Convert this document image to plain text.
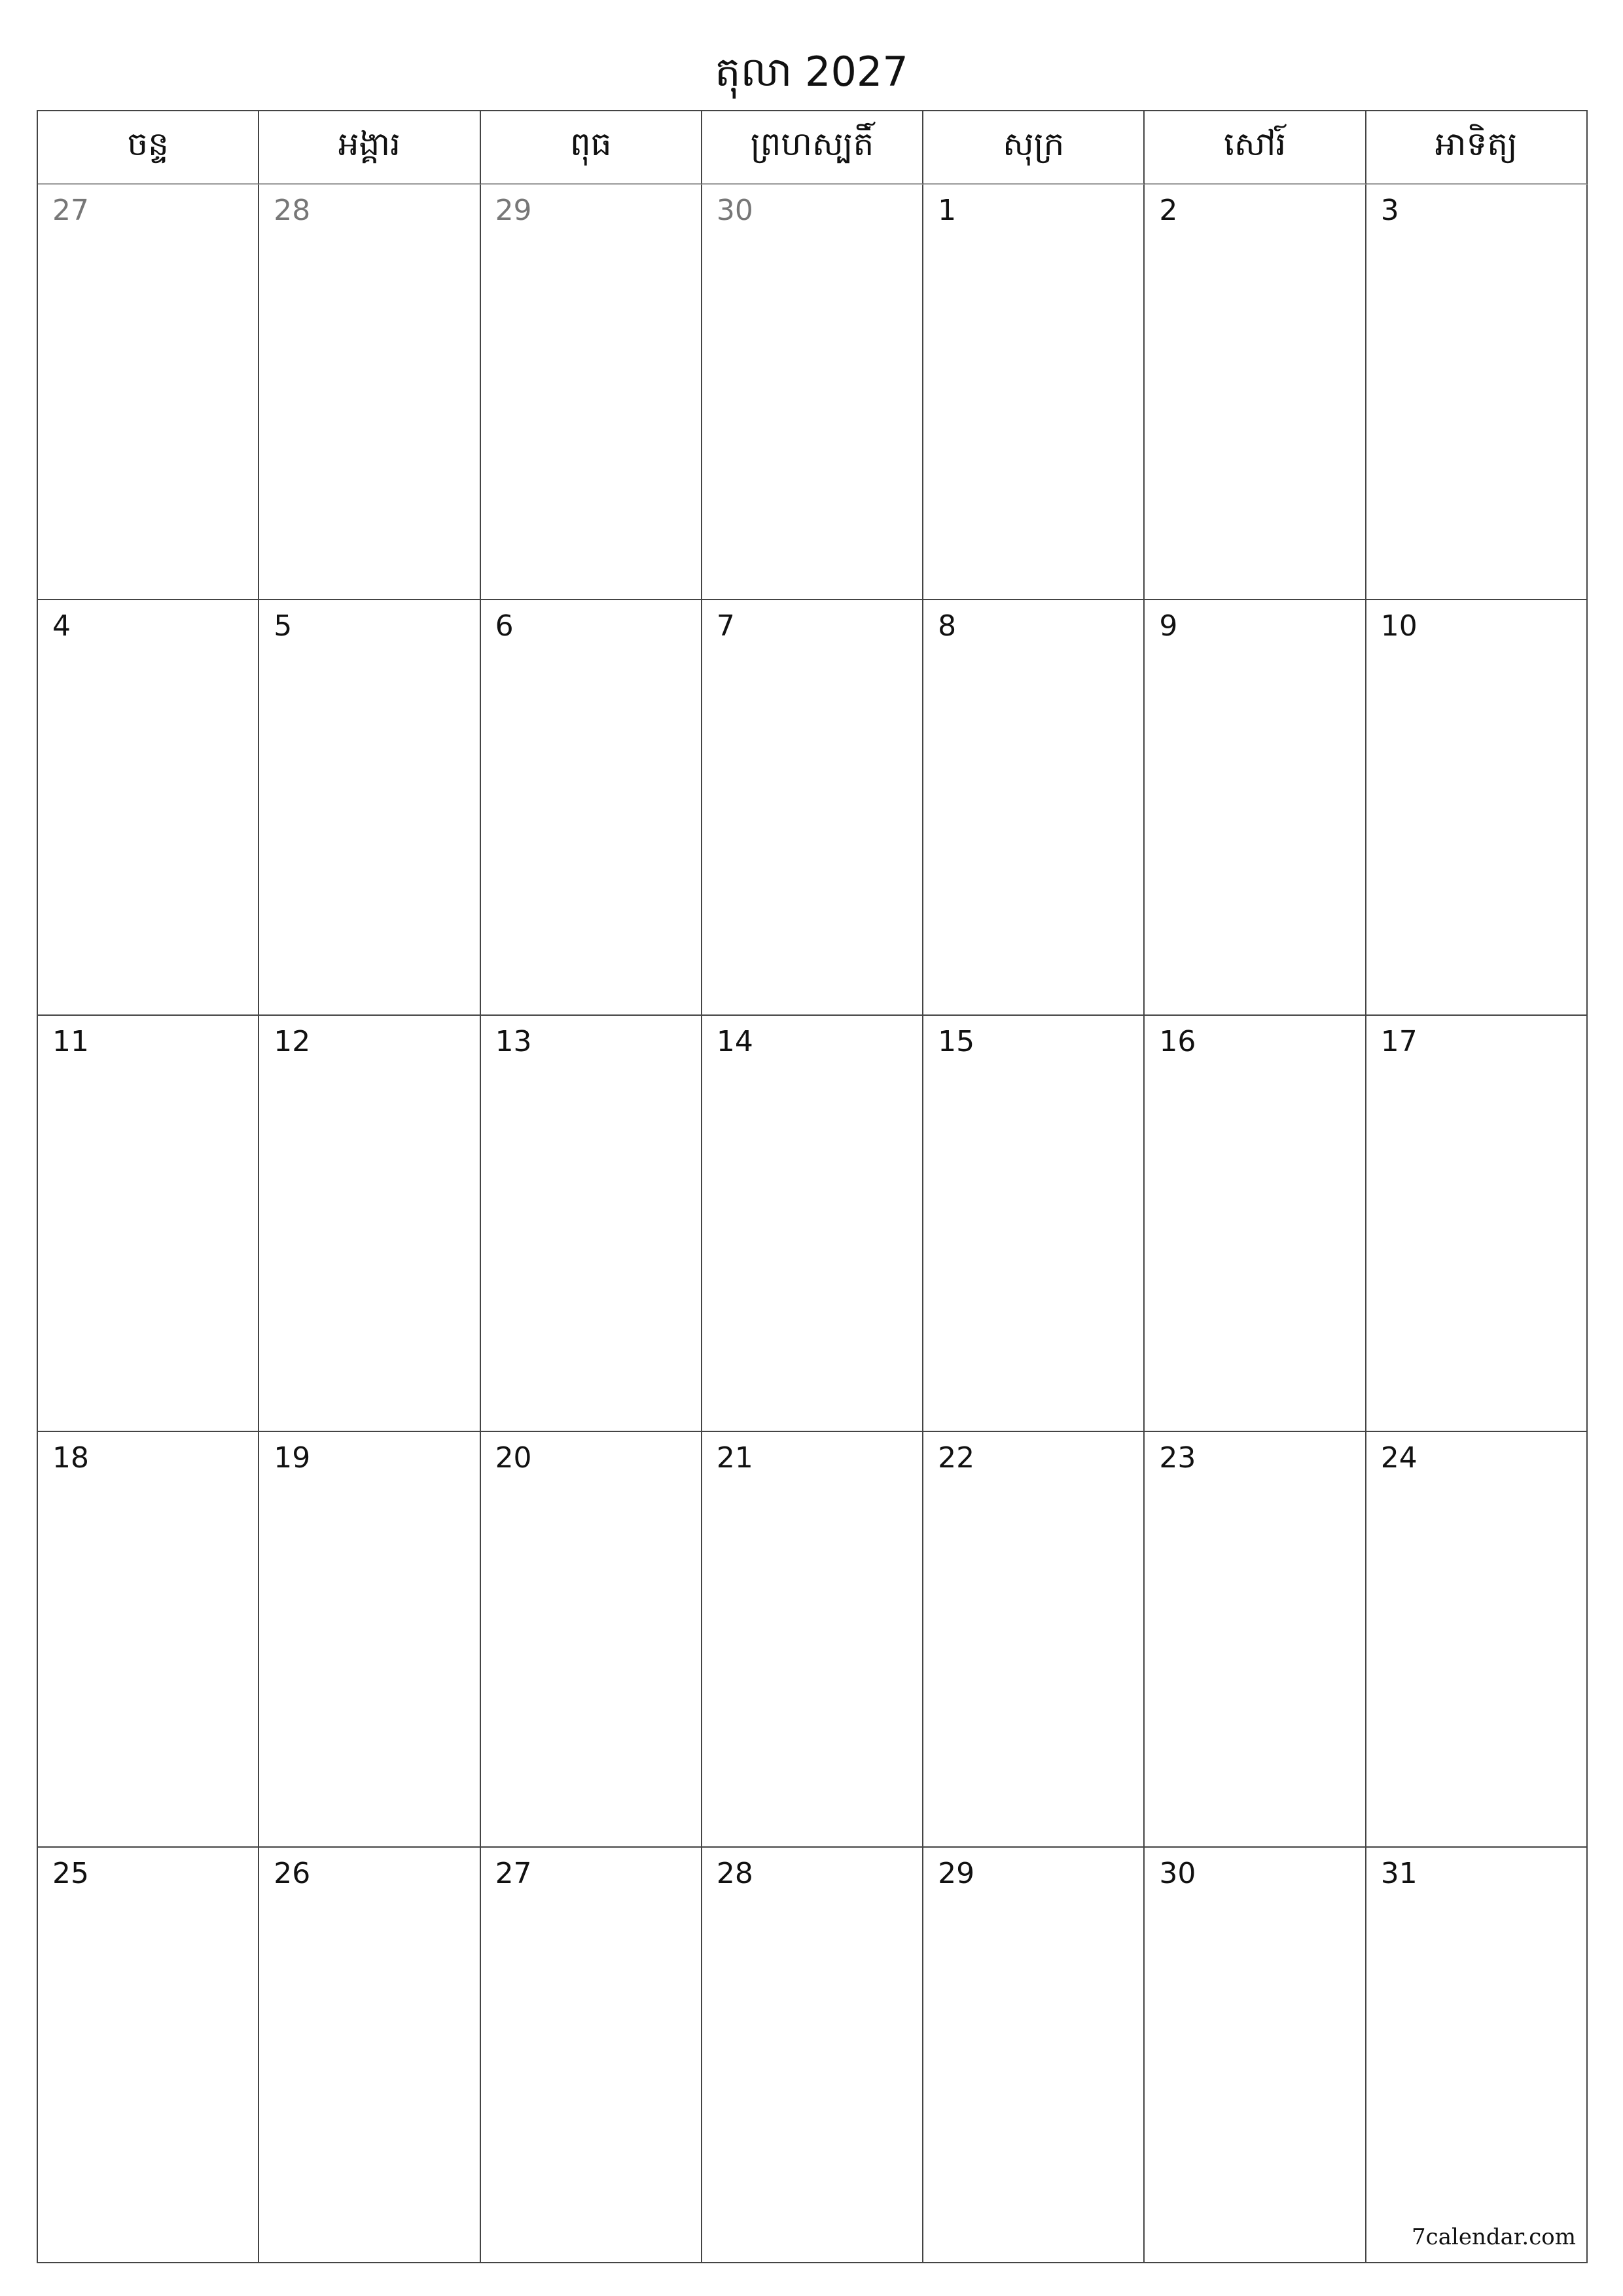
តុលា 2027
ចន្ទ	អង្គារ	ពុធ	ព្រហស្បតិ៍	សុក្រ	សៅរ៍	អាទិត្យ
27	28	29	30	1	2	3
4	5	6	7	8	9	10
11	12	13	14	15	16	17
18	19	20	21	22	23	24
25	26	27	28	29	30	31
7calendar.com
